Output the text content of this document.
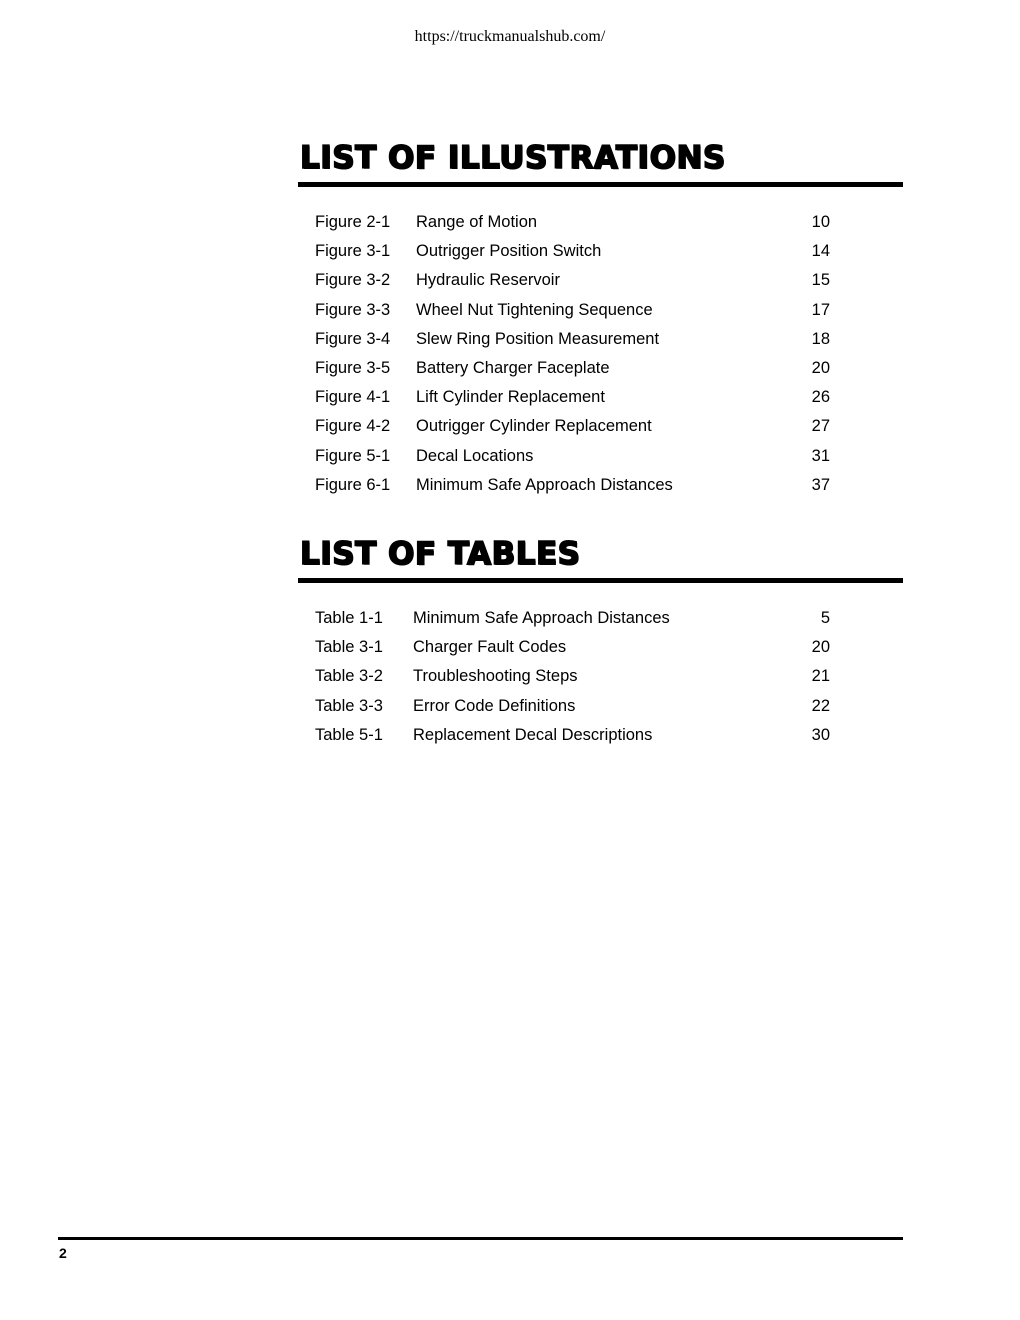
https://truckmanualshub.com/
LIST OF ILLUSTRATIONS
Figure 2-1 Range of Motion	10
Figure 3-1 Outrigger Position Switch	14
Figure 3-2 Hydraulic Reservoir	15
Figure 3-3 Wheel Nut Tightening Sequence	17
Figure 3-4 Slew Ring Position Measurement	18
Figure 3-5 Battery Charger Faceplate	20
Figure 4-1 Lift Cylinder Replacement	26
Figure 4-2 Outrigger Cylinder Replacement	27
Figure 5-1 Decal Locations	31
Figure 6-1 Minimum Safe Approach Distances	37
LIST OF TABLES
Table 1-1 Minimum Safe Approach Distances	5
Table 3-1 Charger Fault Codes	20
Table 3-2 Troubleshooting Steps	21
Table 3-3 Error Code Definitions	22
Table 5-1 Replacement Decal Descriptions	30
2
